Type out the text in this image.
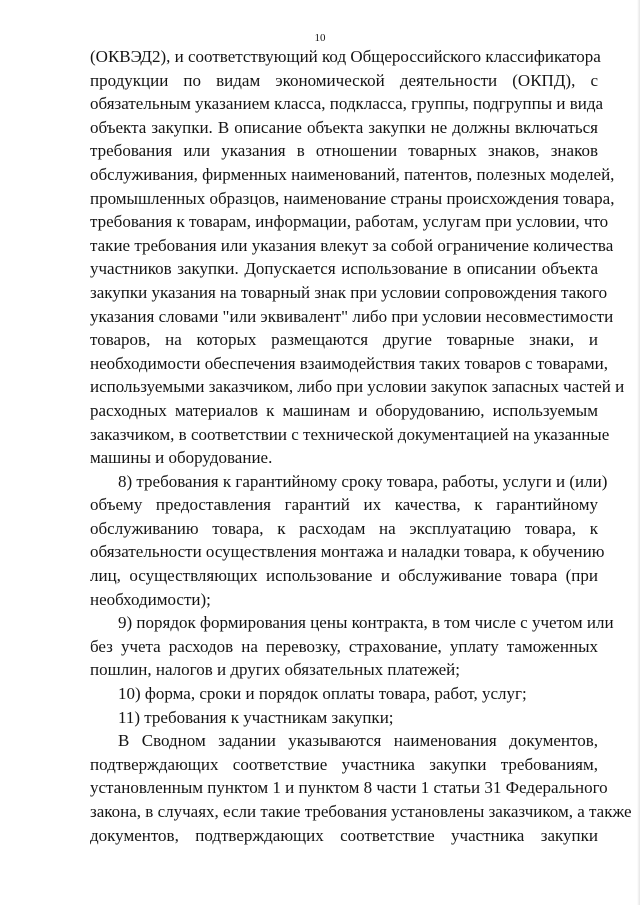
10

(ОКВЭД2), и соответствующий код Общероссийского классификатора
продукции по видам экономической деятельности (ОКПД), с
обязательным указанием класса, подкласса, группы, подгруппы и вида
объекта закупки. В описание объекта закупки не должны включаться
требования или указания в отношении товарных знаков, знаков
обслуживания, фирменных наименований, патентов, полезных моделей,
промышленных образцов, наименование страны происхождения товара,
требования к товарам, информации, работам, услугам при условии, что
такие требования или указания влекут за собой ограничение количества
участников закупки. Допускается использование в описании объекта
закупки указания на товарный знак при условии сопровождения такого
указания словами "или эквивалент" либо при условии несовместимости
товаров, на которых размещаются другие товарные знаки, и
необходимости обеспечения взаимодействия таких товаров с товарами,
используемыми заказчиком, либо при условии закупок запасных частей и
расходных материалов к машинам и оборудованию, используемым
заказчиком, в соответствии с технической документацией на указанные
машины и оборудование.

8) требования к гарантийному сроку товара, работы, услуги и (или)
объему предоставления гарантий их качества, к гарантийному
обслуживанию товара, к расходам на эксплуатацию товара, к
обязательности осуществления монтажа и наладки товара, к обучению
лиц, осуществляющих использование и обслуживание товара (при
необходимости);

9) порядок формирования цены контракта, в том числе с учетом или
без учета расходов на перевозку, страхование, уплату таможенных
пошлин, налогов и других обязательных платежей;

10) форма, сроки и порядок оплаты товара, работ, услуг;

11) требования к участникам закупки;

В Сводном задании указываются наименования документов,
подтверждающих соответствие участника закупки требованиям,
установленным пунктом 1 и пунктом 8 части 1 статьи 31 Федерального
закона, в случаях, если такие требования установлены заказчиком, а также
документов, подтверждающих соответствие участника закупки
